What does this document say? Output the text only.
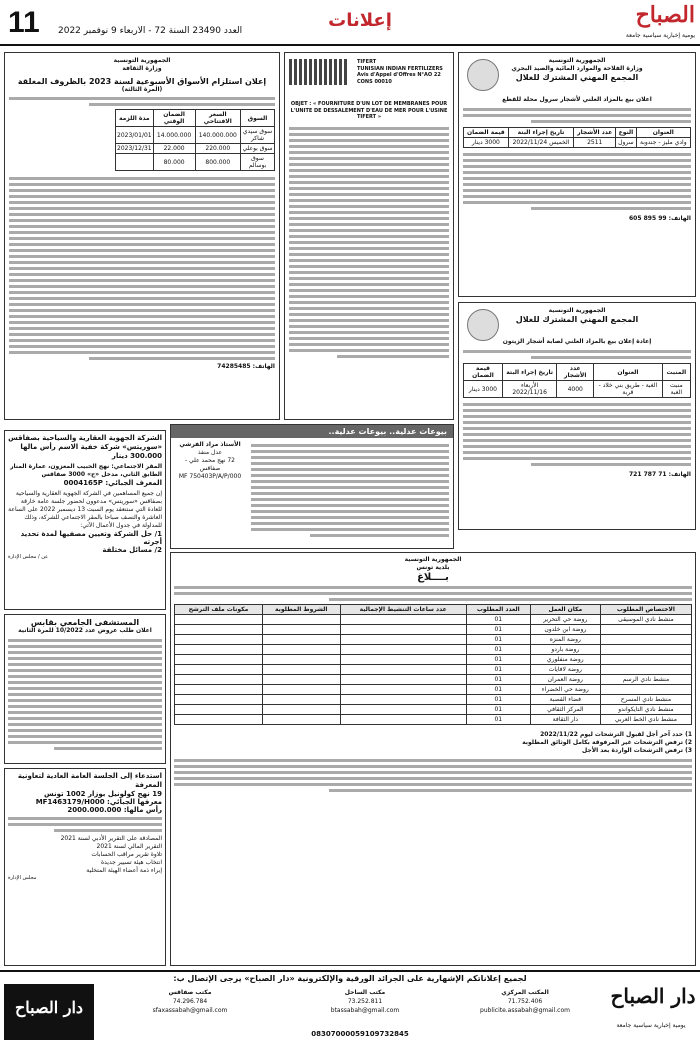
11 العدد 23490 السنة 72 - الأربعاء 9 نوفمبر 2022	إعلانات	الصباح
يومية إخبارية سياسية جامعة
الجمهورية التونسية
وزارة الفلاحة والموارد المائية والصيد البحري
المجمع المهني المشترك للغلال
اعلان بيع بالمزاد العلني لأشجار سرول محلة للقطع
العنوان	النوع	عدد الأشجار	تاريخ إجراء البتة	قيمة الضمان
وادي مليز - جندوبة	سرول	2511	الخميس 2022/11/24	3000 دينار
الهاتف: 99 895 605
الجمهورية التونسية
المجمع المهني المشترك للغلال
إعادة إعلان بيع بالمزاد العلني لصابة أشجار الزيتون
المنبت	العنوان	عدد الأشجار	تاريخ إجراء البتة	قيمة الضمان
منبت الغبة	الغبة - طريق بني خلاد - قربة	4000	الأربعاء 2022/11/16	3000 دينار
الهاتف: 71 787 721
TIFERT
TUNISIAN INDIAN FERTILIZERS
Avis d'Appel d'Offres N°AO 22 CONS 00010
OBJET : « FOURNITURE D'UN LOT DE MEMBRANES POUR L'UNITE DE DESSALEMENT D'EAU DE MER POUR L'USINE TIFERT »
الجمهورية التونسية
وزارة الثقافة
إعلان استلزام الأسواق الأسبوعية لسنة 2023 بالظروف المغلقة
(المرة الثالثة)
السوق	السعر الافتتاحي	الضمان الوقتي	مدة اللزمة
سوق سيدي شاكر	140.000.000	14.000.000	2023/01/01
سوق بوعلي	220.000	22.000	2023/12/31
سوق بوسالم	800.000	80.000	
الهاتف: 74285485
بيوعات عدلية.. بيوعات عدلية..
الأستاذ مراد الفرشي
عدل منفذ
72 نهج محمد علي - صفاقس
MF 750403P/A/P/000
الجمهورية التونسية
بلدية تونس
بــــلاغ
الاختصاص المطلوب	مكان العمل	العدد المطلوب	عدد ساعات التنشيط الإجمالية	الشروط المطلوبة	مكونات ملف الترشح
منشط نادي الموسيقى	روضة حي التحرير	01			
	روضة ابن خلدون	01			
	روضة المنزه	01			
	روضة باردو	01			
	روضة منفلوري	01			
	روضة لافايات	01			
منشط نادي الرسم	روضة العمران	01			
	روضة حي الخضراء	01			
منشط نادي المسرح	فضاء القصبة	01			
منشط نادي التايكواندو	المركز الثقافي	01			
منشط نادي الخط العربي	دار الثقافة	01			
1) حدد آخر أجل لقبول الترشحات ليوم 2022/11/22
2) ترفض الترشحات غير المرفوقة بكامل الوثائق المطلوبة
3) ترفض الترشحات الواردة بعد الأجل
الشركة الجهوية العقارية والسياحية بصفاقس «سوريتس» شركة خفية الاسم رأس مالها 300.000 دينار
المقر الاجتماعي: نهج الحبيب المعزون، عمارة المنار الطابق الثاني، مدخل «ج» 3000 صفاقس
المعرف الجبائي: 0004165P
إن جميع المساهمين في الشركة الجهوية العقارية والسياحية بصفاقس «سوريتس» مدعوون لحضور جلسة عامة خارقة للعادة التي ستنعقد يوم السبت 13 ديسمبر 2022 على الساعة العاشرة والنصف صباحا بالمقر الاجتماعي للشركة، وذلك للمداولة في جدول الأعمال الآتي:
1/ حل الشركة وتعيين مصفيها لمدة تحديد أجرته
2/ مسائل مختلفة
عن / مجلس الإدارة
المستشفى الجامعي بقابس
اعلان طلب عروض عدد 10/2022 للمرة الثانية
استدعاء إلى الجلسة العامة العادية لتعاونية المعرفة
19 نهج كولونيل بوزار 1002 تونس
معرفها الجبائي: MF1463179/H000
رأس مالها: 2000.000.000
المصادقة على التقرير الأدبي لسنة 2021
التقرير المالي لسنة 2021
تلاوة تقرير مراقب الحسابات
انتخاب هيئة تسيير جديدة
إبراء ذمة أعضاء الهيئة المتخلية
مجلس الإدارة
لجميع إعلاناتكم الإشهارية على الجرائد الورقية والإلكترونية «دار الصباح» يرجى الإتصال ب:
المكتب المركزي
71.752.406
publicite.assabah@gmail.com
مكتب الساحل
73.252.811
btassabah@gmail.com
مكتب صفاقس
74.296.784
sfaxassabah@gmail.com
08307000059109732845
دار الصباح
يومية إخبارية سياسية جامعة
دار الصباح
